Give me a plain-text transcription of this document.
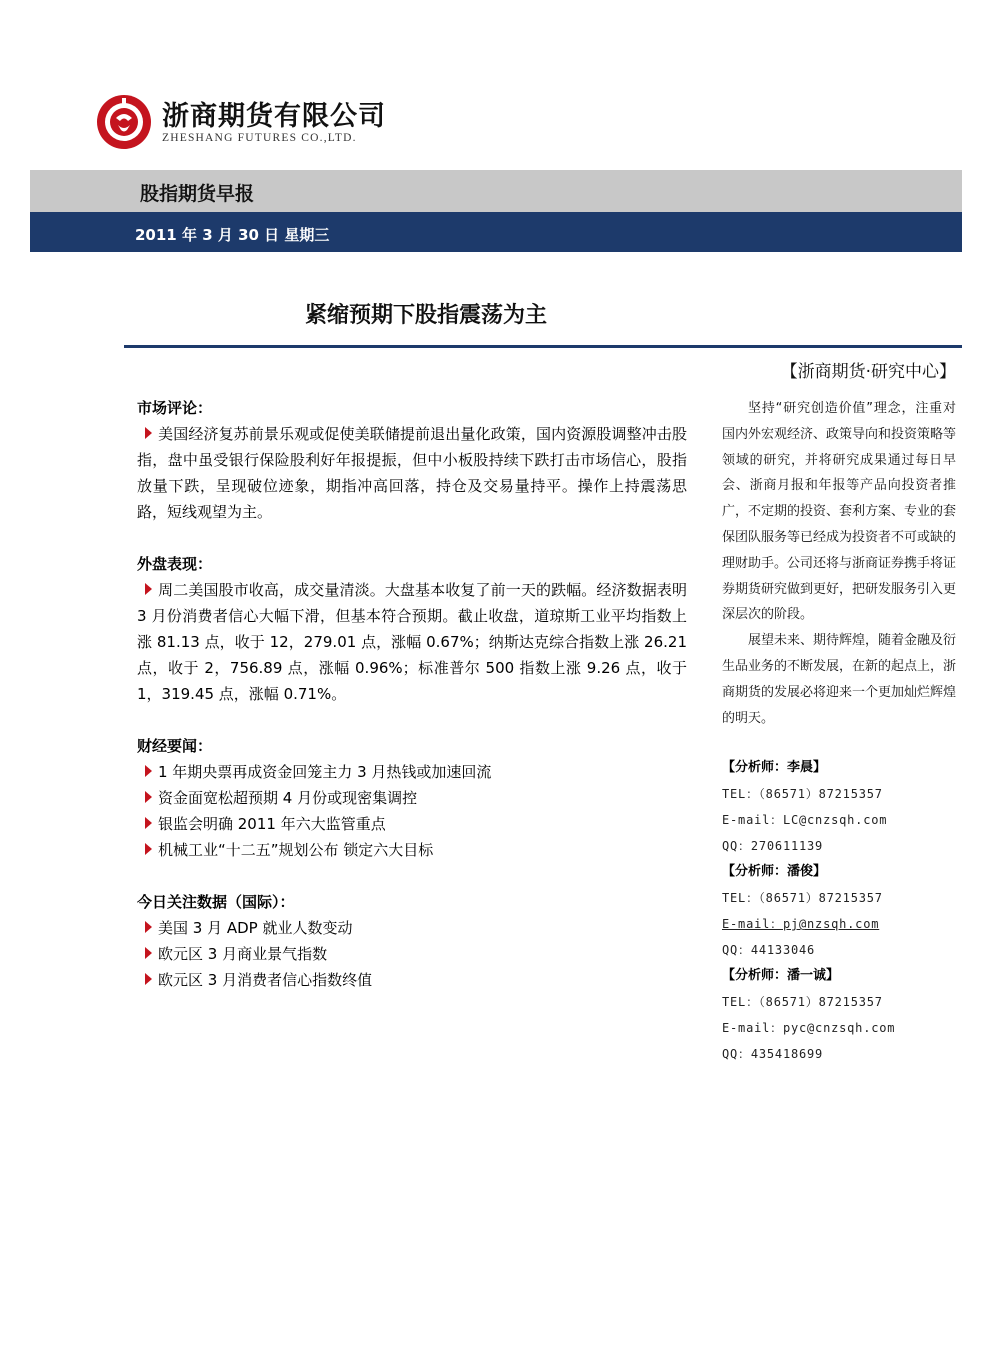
浙商期货有限公司
ZHESHANG FUTURES CO.,LTD.
股指期货早报
2011 年 3 月 30 日 星期三
紧缩预期下股指震荡为主
市场评论：
美国经济复苏前景乐观或促使美联储提前退出量化政策，国内资源股调整冲击股指，盘中虽受银行保险股利好年报提振，但中小板股持续下跌打击市场信心，股指放量下跌，呈现破位迹象，期指冲高回落，持仓及交易量持平。操作上持震荡思路，短线观望为主。
外盘表现：
周二美国股市收高，成交量清淡。大盘基本收复了前一天的跌幅。经济数据表明 3 月份消费者信心大幅下滑，但基本符合预期。截止收盘，道琼斯工业平均指数上涨 81.13 点，收于 12，279.01 点，涨幅 0.67%；纳斯达克综合指数上涨 26.21 点，收于 2，756.89 点，涨幅 0.96%；标准普尔 500 指数上涨 9.26 点，收于 1，319.45 点，涨幅 0.71%。
财经要闻：
1 年期央票再成资金回笼主力 3 月热钱或加速回流
资金面宽松超预期 4 月份或现密集调控
银监会明确 2011 年六大监管重点
机械工业“十二五”规划公布 锁定六大目标
今日关注数据（国际）：
美国 3 月 ADP 就业人数变动
欧元区 3 月商业景气指数
欧元区 3 月消费者信心指数终值
【浙商期货·研究中心】
坚持“研究创造价值”理念，注重对国内外宏观经济、政策导向和投资策略等领域的研究，并将研究成果通过每日早会、浙商月报和年报等产品向投资者推广，不定期的投资、套利方案、专业的套保团队服务等已经成为投资者不可或缺的理财助手。公司还将与浙商证券携手将证券期货研究做到更好，把研发服务引入更深层次的阶段。
展望未来、期待辉煌，随着金融及衍生品业务的不断发展，在新的起点上，浙商期货的发展必将迎来一个更加灿烂辉煌的明天。
【分析师：李晨】
TEL：（86571）87215357
E-mail：LC@cnzsqh.com
QQ：270611139
【分析师：潘俊】
TEL：（86571）87215357
E-mail：pj@nzsqh.com
QQ：44133046
【分析师：潘一诚】
TEL：（86571）87215357
E-mail：pyc@cnzsqh.com
QQ：435418699
